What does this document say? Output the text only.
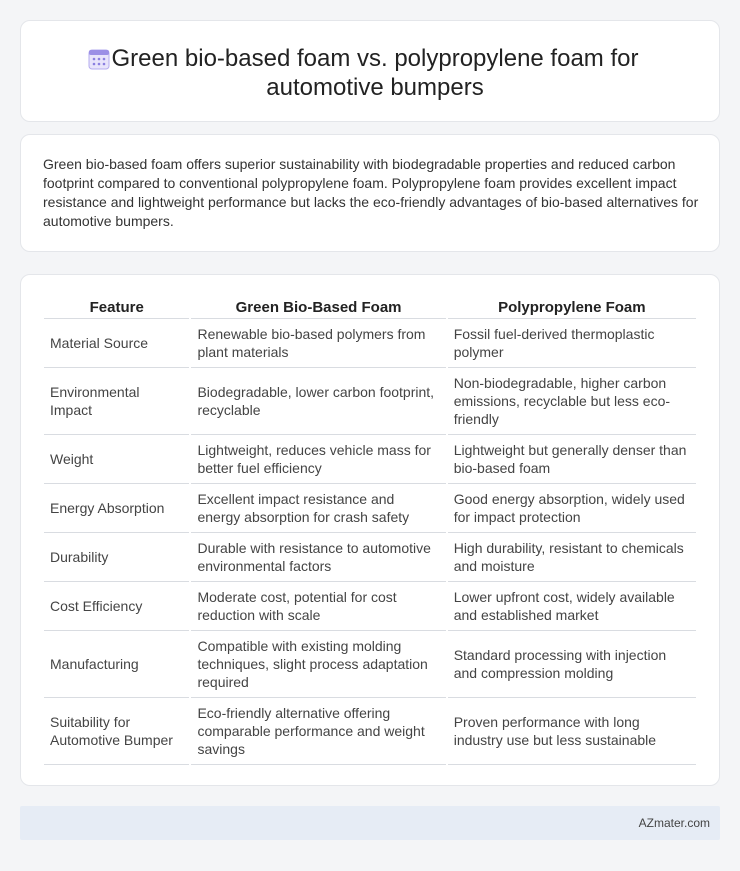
Green bio-based foam vs. polypropylene foam for automotive bumpers

Green bio-based foam offers superior sustainability with biodegradable properties and reduced carbon footprint compared to conventional polypropylene foam. Polypropylene foam provides excellent impact resistance and lightweight performance but lacks the eco-friendly advantages of bio-based alternatives for automotive bumpers.

Feature	Green Bio-Based Foam	Polypropylene Foam
Material Source	Renewable bio-based polymers from plant materials	Fossil fuel-derived thermoplastic polymer
Environmental Impact	Biodegradable, lower carbon footprint, recyclable	Non-biodegradable, higher carbon emissions, recyclable but less eco-friendly
Weight	Lightweight, reduces vehicle mass for better fuel efficiency	Lightweight but generally denser than bio-based foam
Energy Absorption	Excellent impact resistance and energy absorption for crash safety	Good energy absorption, widely used for impact protection
Durability	Durable with resistance to automotive environmental factors	High durability, resistant to chemicals and moisture
Cost Efficiency	Moderate cost, potential for cost reduction with scale	Lower upfront cost, widely available and established market
Manufacturing	Compatible with existing molding techniques, slight process adaptation required	Standard processing with injection and compression molding
Suitability for Automotive Bumper	Eco-friendly alternative offering comparable performance and weight savings	Proven performance with long industry use but less sustainable
AZmater.com
